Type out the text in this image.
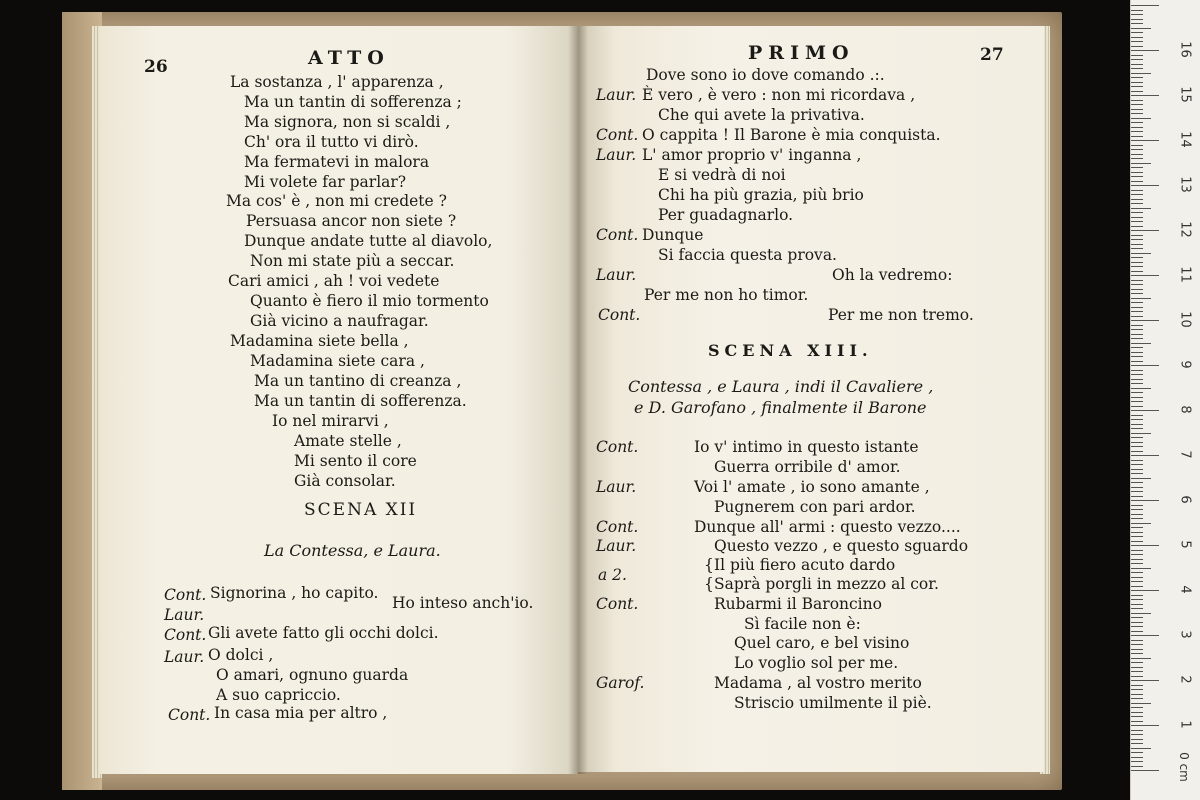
26	ATTO
La sostanza , l' apparenza ,
Ma un tantin di sofferenza ;
Ma signora, non si scaldi ,
Ch' ora il tutto vi dirò.
Ma fermatevi in malora
Mi volete far parlar?
Ma cos' è , non mi credete ?
Persuasa ancor non siete ?
Dunque andate tutte al diavolo,
Non mi state più a seccar.
Cari amici , ah ! voi vedete
Quanto è fiero il mio tormento
Già vicino a naufragar.
Madamina siete bella ,
Madamina siete cara ,
Ma un tantino di creanza ,
Ma un tantin di sofferenza.
Io nel mirarvi ,
Amate stelle ,
Mi sento il core
Già consolar.
SCENA XII
La Contessa, e Laura.
Cont. Signorina , ho capito.
Laur.
Ho inteso anch'io.
Cont. Gli avete fatto gli occhi dolci.
Laur. O dolci ,
O amari, ognuno guarda
A suo capriccio.
Cont. In casa mia per altro ,
PRIMO	27
Dove sono io dove comando .:.
Laur. È vero , è vero : non mi ricordava ,
Che qui avete la privativa.
Cont. O cappita ! Il Barone è mia conquista.
Laur. L' amor proprio v' inganna ,
E si vedrà di noi
Chi ha più grazia, più brio
Per guadagnarlo.
Cont. Dunque
Si faccia questa prova.
Laur.	Oh la vedremo:
Per me non ho timor.
Cont.	Per me non tremo.
SCENA XIII.
Contessa , e Laura , indi il Cavaliere ,
e D. Garofano , finalmente il Barone
Cont.	Io v' intimo in questo istante
Guerra orribile d' amor.
Laur.	Voi l' amate , io sono amante ,
Pugnerem con pari ardor.
Cont.	Dunque all' armi : questo vezzo....
Laur.	Questo vezzo , e questo sguardo
{ Il più fiero acuto dardo
a 2.	{ Saprà porgli in mezzo al cor.
Cont.	Rubarmi il Baroncino
Sì facile non è:
Quel caro, e bel visino
Lo voglio sol per me.
Garof.	Madama , al vostro merito
Striscio umilmente il piè.
0 cm
1
2
3
4
5
6
7
8
9
10
11
12
13
14
15
16
